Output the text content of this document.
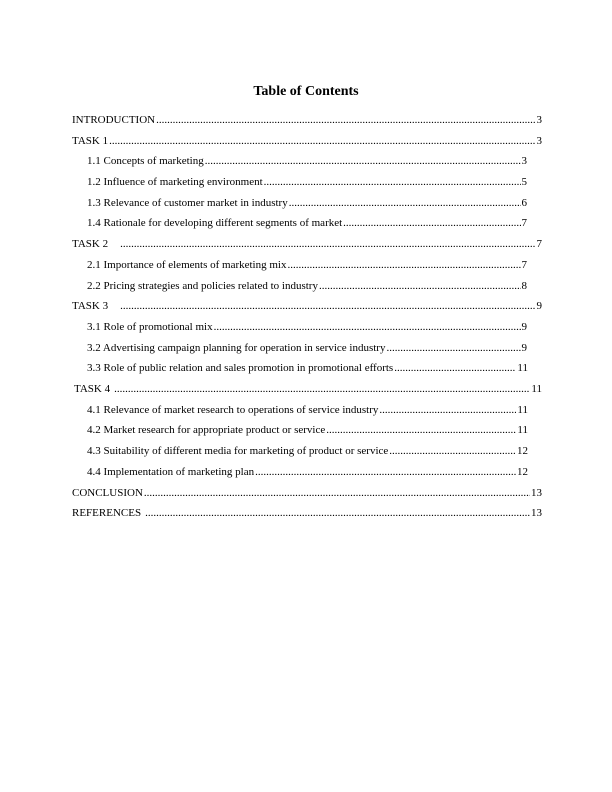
Table of Contents
INTRODUCTION .....	3
TASK 1 .....	3
1.1 Concepts of marketing .....	3
1.2 Influence of marketing environment .....	5
1.3 Relevance of customer market in industry .....	6
1.4 Rationale for developing different segments of market .....	7
TASK 2 .....	7
2.1 Importance of elements of marketing mix .....	7
2.2 Pricing strategies and policies related to industry .....	8
TASK 3 .....	9
3.1 Role of promotional mix .....	9
3.2 Advertising campaign planning for operation in service industry .....	9
3.3 Role of public relation and sales promotion in promotional efforts .....	11
TASK 4 .....	11
4.1 Relevance of market research to operations of service industry .....	11
4.2 Market research for appropriate product or service .....	11
4.3 Suitability of different media for marketing of product or service .....	12
4.4 Implementation of marketing plan .....	12
CONCLUSION .....	13
REFERENCES .....	13
